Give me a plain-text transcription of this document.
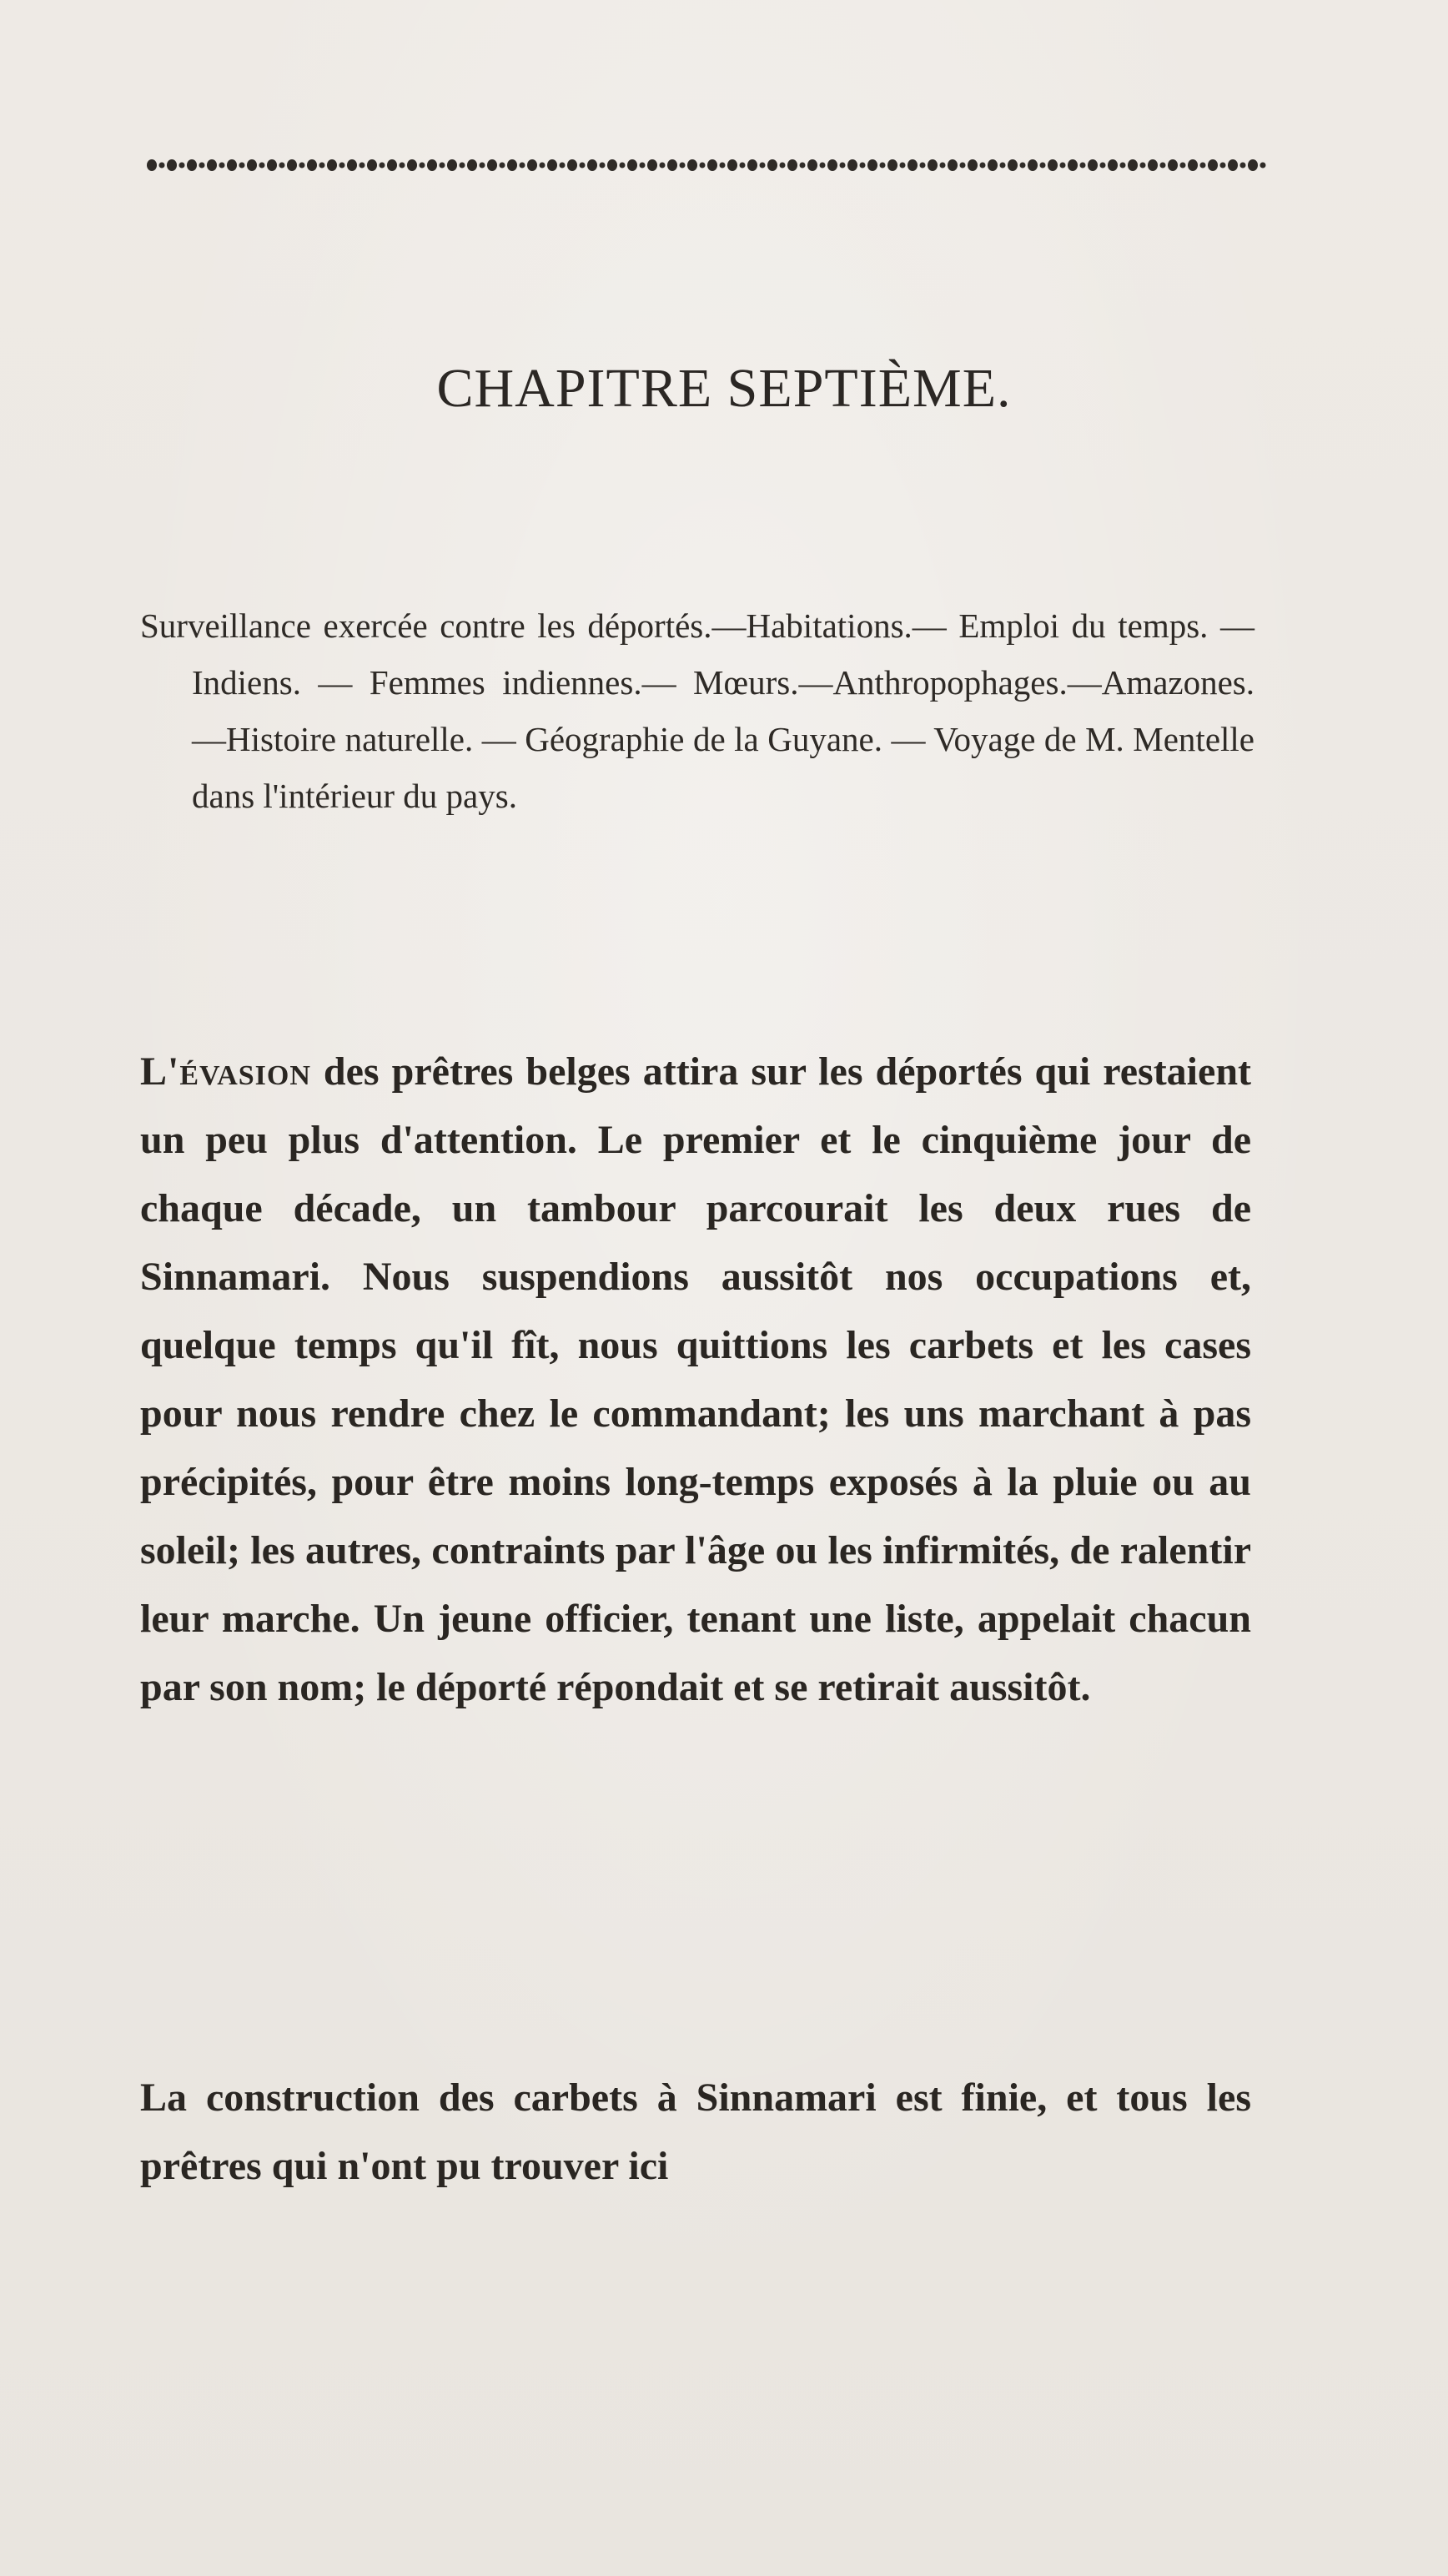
CHAPITRE SEPTIÈME.
Surveillance exercée contre les déportés.—Habitations.— Emploi du temps. — Indiens. — Femmes indiennes.— Mœurs.—Anthropophages.—Amazones.—Histoire naturelle. — Géographie de la Guyane. — Voyage de M. Mentelle dans l'intérieur du pays.

L'évasion des prêtres belges attira sur les déportés qui restaient un peu plus d'attention. Le premier et le cinquième jour de chaque décade, un tambour parcourait les deux rues de Sinnamari. Nous suspendions aussitôt nos occupations et, quelque temps qu'il fît, nous quittions les carbets et les cases pour nous rendre chez le commandant; les uns marchant à pas précipités, pour être moins long-temps exposés à la pluie ou au soleil; les autres, contraints par l'âge ou les infirmités, de ralentir leur marche. Un jeune officier, tenant une liste, appelait chacun par son nom; le déporté répondait et se retirait aussitôt.

La construction des carbets à Sinnamari est finie, et tous les prêtres qui n'ont pu trouver ici
